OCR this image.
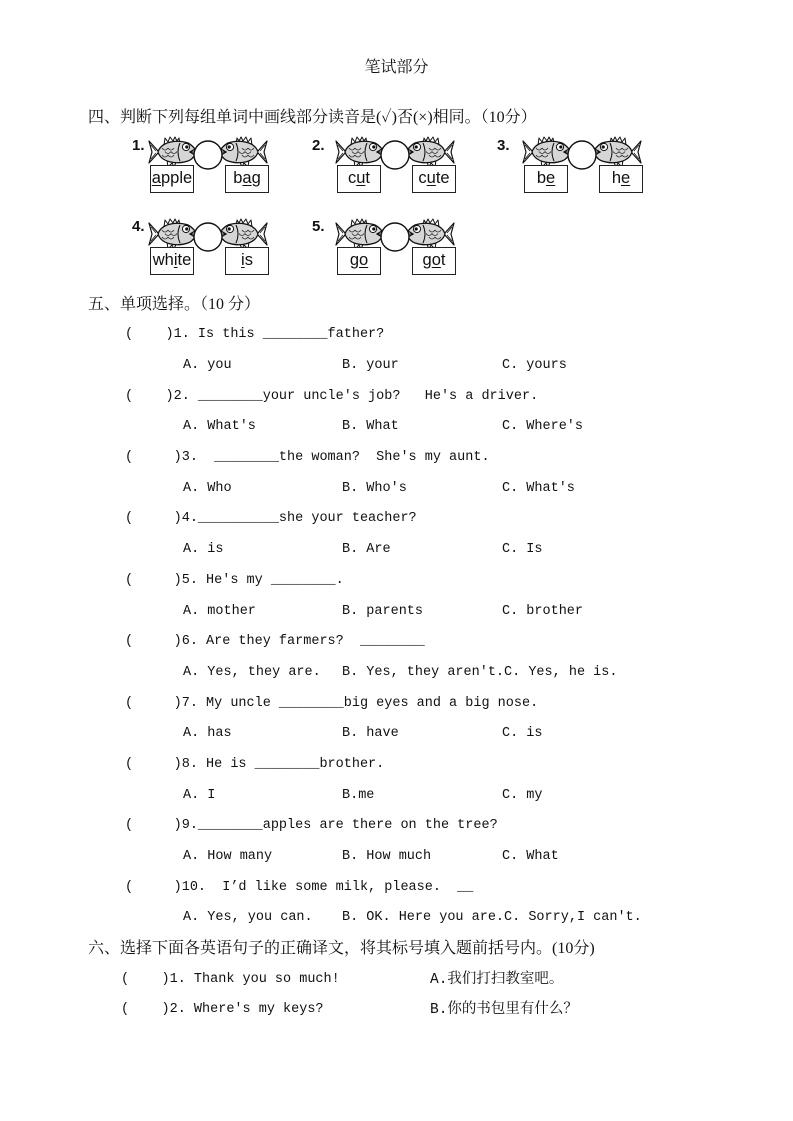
笔试部分
四、判断下列每组单词中画线部分读音是(✓)否(×)相同。（10分）
1.	2.	3.
4.	5.
apple	bag	cut	cute	be	he
white	is	go	got
五、单项选择。（10 分）
(    ) 1. Is this ________father?
A. you	B. your	C. yours
(    ) 2. ________your uncle's job?   He's a driver.
A. What's	B. What	C. Where's
(     ) 3.  ________the woman?  She's my aunt.
A. Who	B. Who's	C. What's
(     ) 4.__________she your teacher?
A. is	B. Are	C. Is
(     ) 5. He's my ________.
A. mother	B. parents	C. brother
(     ) 6. Are they farmers?  ________
A. Yes, they are.	B. Yes, they aren't. C. Yes, he is.
(     ) 7. My uncle ________big eyes and a big nose.
A. has	B. have	C. is
(     ) 8. He is ________brother.
A. I	B.me	C. my
(     ) 9.________apples are there on the tree?
A. How many	B. How much	C. What
(     ) 10.  I’d like some milk, please.  __
A. Yes, you can.	B. OK. Here you are. C. Sorry,I can't.
六、选择下面各英语句子的正确译文，将其标号填入题前括号内。(10分)
(    ) 1. Thank you so much!	A.我们打扫教室吧。
(    ) 2. Where's my keys?	B.你的书包里有什么？
